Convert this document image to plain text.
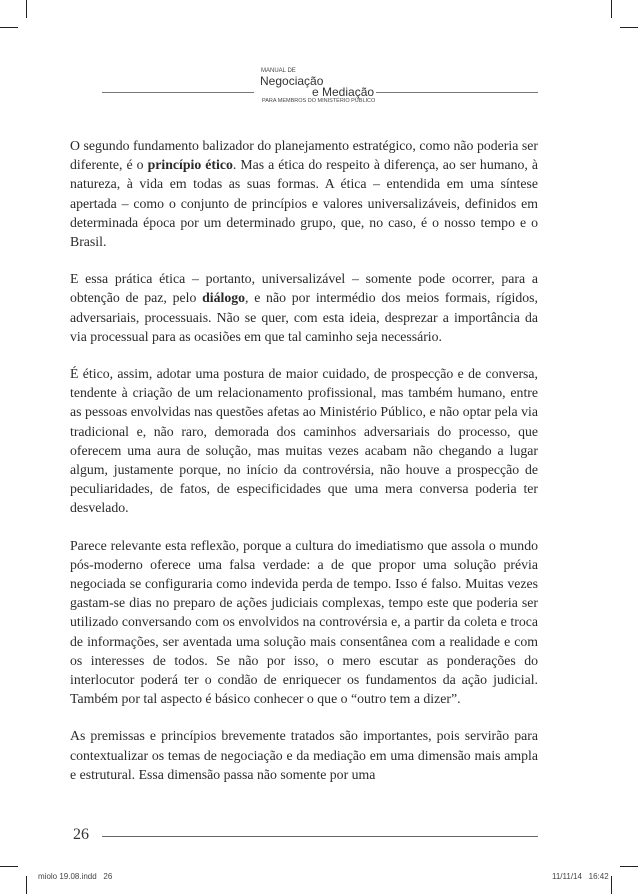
MANUAL DE
Negociação
e Mediação
PARA MEMBROS DO MINISTÉRIO PÚBLICO

O segundo fundamento balizador do planejamento estratégico, como não poderia ser diferente, é o princípio ético. Mas a ética do respeito à diferença, ao ser humano, à natureza, à vida em todas as suas formas. A ética – entendida em uma síntese apertada – como o conjunto de princípios e valores universalizáveis, definidos em determinada época por um determinado grupo, que, no caso, é o nosso tempo e o Brasil.

E essa prática ética – portanto, universalizável – somente pode ocorrer, para a obtenção de paz, pelo diálogo, e não por intermédio dos meios formais, rígidos, adversariais, processuais. Não se quer, com esta ideia, desprezar a importância da via processual para as ocasiões em que tal caminho seja necessário.

É ético, assim, adotar uma postura de maior cuidado, de prospecção e de conversa, tendente à criação de um relacionamento profissional, mas também humano, entre as pessoas envolvidas nas questões afetas ao Ministério Público, e não optar pela via tradicional e, não raro, demorada dos caminhos adversariais do processo, que oferecem uma aura de solução, mas muitas vezes acabam não chegando a lugar algum, justamente porque, no início da controvérsia, não houve a prospecção de peculiaridades, de fatos, de especificidades que uma mera conversa poderia ter desvelado.

Parece relevante esta reflexão, porque a cultura do imediatismo que assola o mundo pós-moderno oferece uma falsa verdade: a de que propor uma solução prévia negociada se configuraria como indevida perda de tempo. Isso é falso. Muitas vezes gastam-se dias no preparo de ações judiciais complexas, tempo este que poderia ser utilizado conversando com os envolvidos na controvérsia e, a partir da coleta e troca de informações, ser aventada uma solução mais consentânea com a realidade e com os interesses de todos. Se não por isso, o mero escutar as ponderações do interlocutor poderá ter o condão de enriquecer os fundamentos da ação judicial. Também por tal aspecto é básico conhecer o que o “outro tem a dizer”.

As premissas e princípios brevemente tratados são importantes, pois servirão para contextualizar os temas de negociação e da mediação em uma dimensão mais ampla e estrutural. Essa dimensão passa não somente por uma

26
miolo 19.08.indd   26	11/11/14   16:42
